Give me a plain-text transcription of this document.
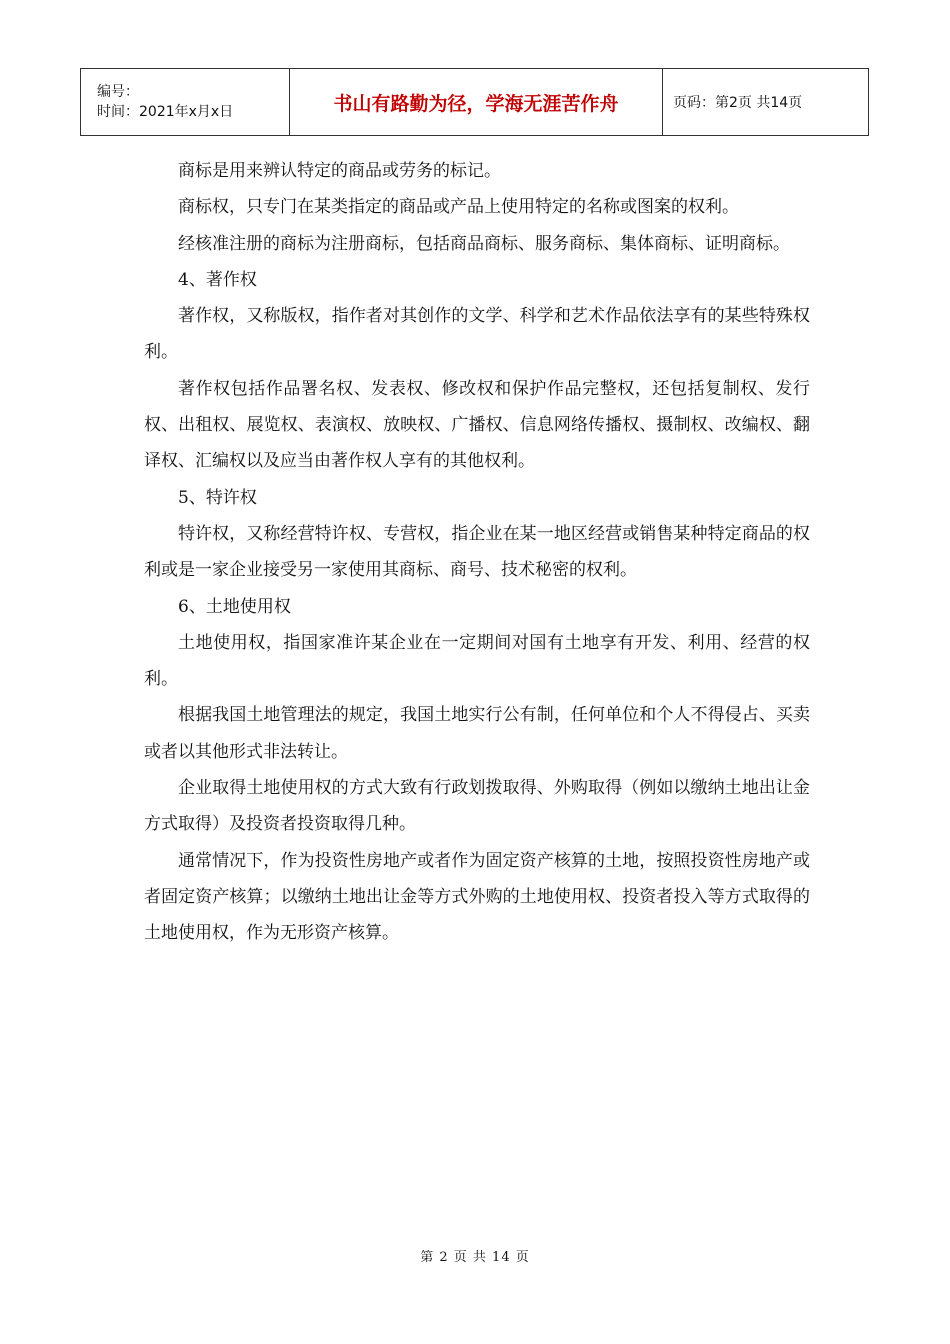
编号：
时间：2021年x月x日	书山有路勤为径，学海无涯苦作舟	页码：第2页 共14页

商标是用来辨认特定的商品或劳务的标记。

商标权，只专门在某类指定的商品或产品上使用特定的名称或图案的权利。

经核准注册的商标为注册商标，包括商品商标、服务商标、集体商标、证明商标。

4、著作权

著作权，又称版权，指作者对其创作的文学、科学和艺术作品依法享有的某些特殊权利。

著作权包括作品署名权、发表权、修改权和保护作品完整权，还包括复制权、发行权、出租权、展览权、表演权、放映权、广播权、信息网络传播权、摄制权、改编权、翻译权、汇编权以及应当由著作权人享有的其他权利。

5、特许权

特许权，又称经营特许权、专营权，指企业在某一地区经营或销售某种特定商品的权利或是一家企业接受另一家使用其商标、商号、技术秘密的权利。

6、土地使用权

土地使用权，指国家准许某企业在一定期间对国有土地享有开发、利用、经营的权利。

根据我国土地管理法的规定，我国土地实行公有制，任何单位和个人不得侵占、买卖或者以其他形式非法转让。

企业取得土地使用权的方式大致有行政划拨取得、外购取得（例如以缴纳土地出让金方式取得）及投资者投资取得几种。

通常情况下，作为投资性房地产或者作为固定资产核算的土地，按照投资性房地产或者固定资产核算；以缴纳土地出让金等方式外购的土地使用权、投资者投入等方式取得的土地使用权，作为无形资产核算。

第 2 页 共 14 页
